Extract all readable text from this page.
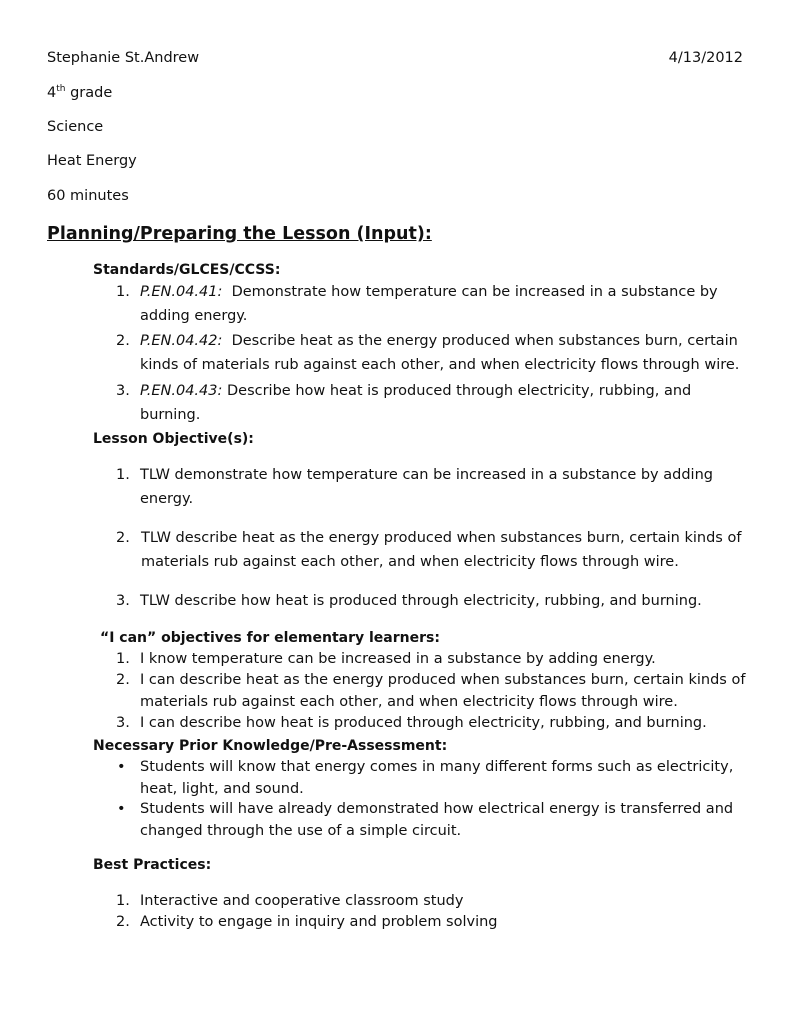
Stephanie St.Andrew	4/13/2012
4th grade
Science
Heat Energy
60 minutes
Planning/Preparing the Lesson (Input):
Standards/GLCES/CCSS:
1. P.EN.04.41: Demonstrate how temperature can be increased in a substance by adding energy.
2. P.EN.04.42: Describe heat as the energy produced when substances burn, certain kinds of materials rub against each other, and when electricity flows through wire.
3. P.EN.04.43: Describe how heat is produced through electricity, rubbing, and burning.
Lesson Objective(s):
1. TLW demonstrate how temperature can be increased in a substance by adding energy.
2. TLW describe heat as the energy produced when substances burn, certain kinds of materials rub against each other, and when electricity flows through wire.
3. TLW describe how heat is produced through electricity, rubbing, and burning.
“I can” objectives for elementary learners:
1. I know temperature can be increased in a substance by adding energy.
2. I can describe heat as the energy produced when substances burn, certain kinds of materials rub against each other, and when electricity flows through wire.
3. I can describe how heat is produced through electricity, rubbing, and burning.
Necessary Prior Knowledge/Pre-Assessment:
• Students will know that energy comes in many different forms such as electricity, heat, light, and sound.
• Students will have already demonstrated how electrical energy is transferred and changed through the use of a simple circuit.
Best Practices:
1. Interactive and cooperative classroom study
2. Activity to engage in inquiry and problem solving
